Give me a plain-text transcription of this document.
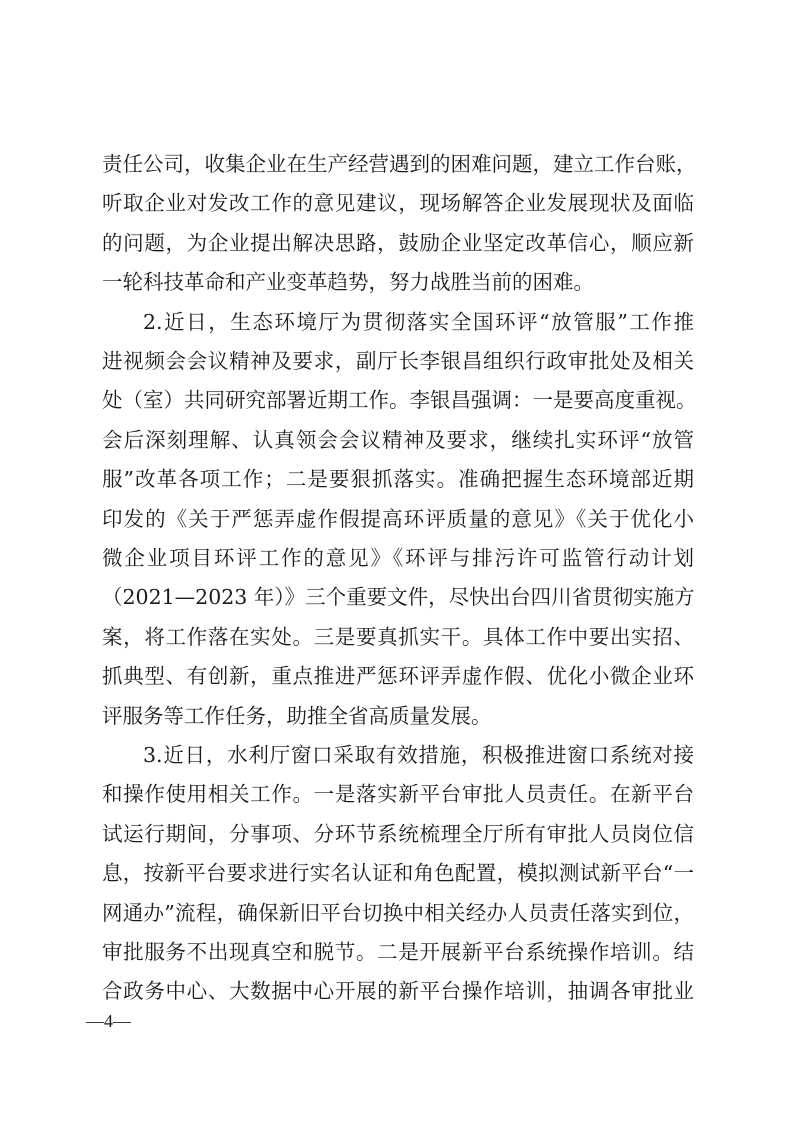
责任公司，收集企业在生产经营遇到的困难问题，建立工作台账，
听取企业对发改工作的意见建议，现场解答企业发展现状及面临
的问题，为企业提出解决思路，鼓励企业坚定改革信心，顺应新
一轮科技革命和产业变革趋势，努力战胜当前的困难。
2.近日，生态环境厅为贯彻落实全国环评“放管服”工作推
进视频会会议精神及要求，副厅长李银昌组织行政审批处及相关
处（室）共同研究部署近期工作。李银昌强调：一是要高度重视。
会后深刻理解、认真领会会议精神及要求，继续扎实环评“放管
服”改革各项工作；二是要狠抓落实。准确把握生态环境部近期
印发的《关于严惩弄虚作假提高环评质量的意见》《关于优化小
微企业项目环评工作的意见》《环评与排污许可监管行动计划
（2021—2023 年）》三个重要文件，尽快出台四川省贯彻实施方
案，将工作落在实处。三是要真抓实干。具体工作中要出实招、
抓典型、有创新，重点推进严惩环评弄虚作假、优化小微企业环
评服务等工作任务，助推全省高质量发展。
3.近日，水利厅窗口采取有效措施，积极推进窗口系统对接
和操作使用相关工作。一是落实新平台审批人员责任。在新平台
试运行期间，分事项、分环节系统梳理全厅所有审批人员岗位信
息，按新平台要求进行实名认证和角色配置，模拟测试新平台“一
网通办”流程，确保新旧平台切换中相关经办人员责任落实到位，
审批服务不出现真空和脱节。二是开展新平台系统操作培训。结
合政务中心、大数据中心开展的新平台操作培训，抽调各审批业
—4—
